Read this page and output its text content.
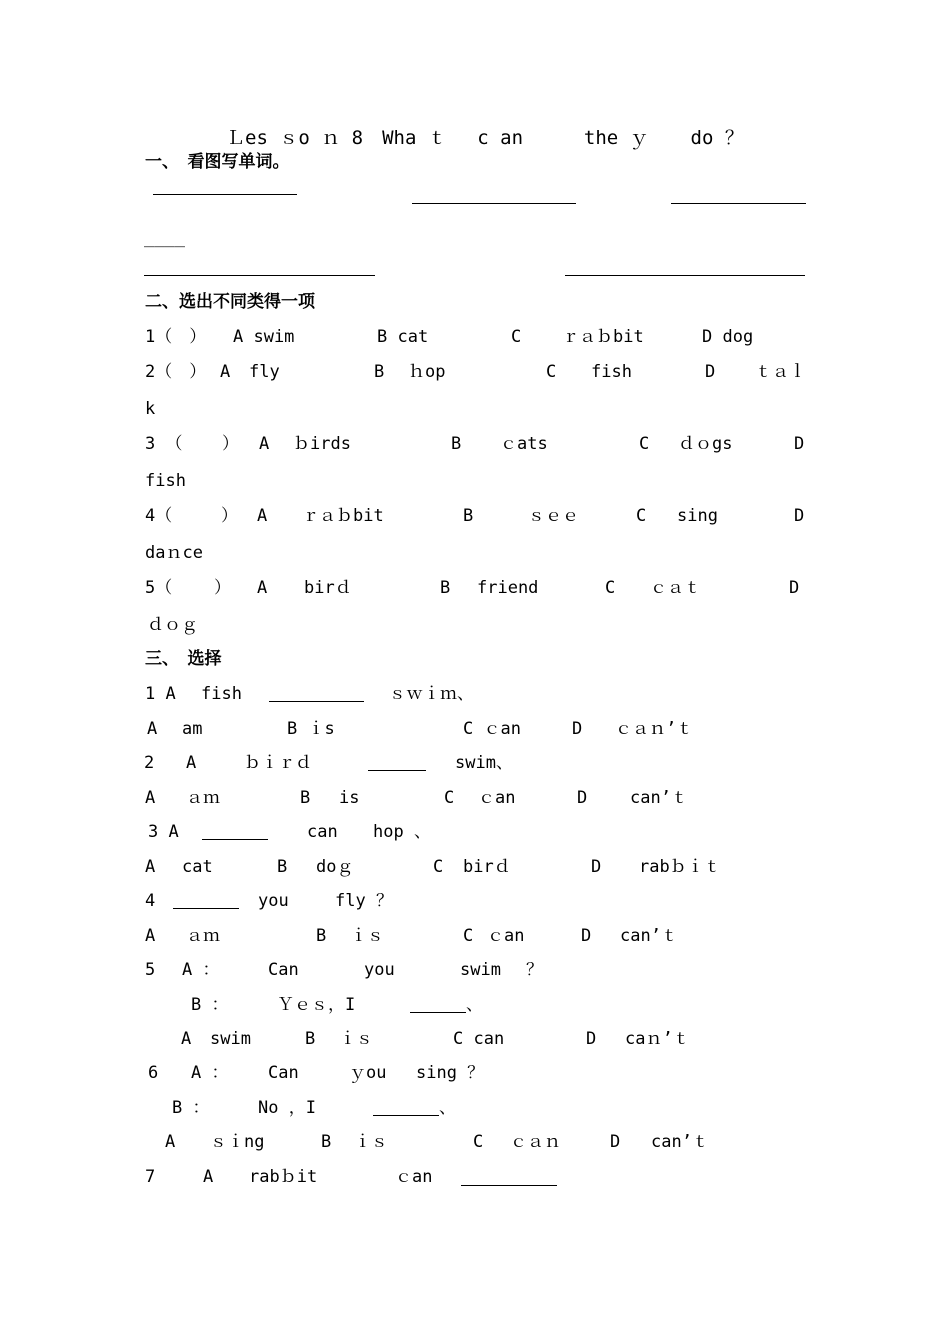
Ｌes ｓo ｎ 8　Wha ｔ 　c an 　 　the ｙ 　 do ？
一、　看图写单词。
____
二、选出不同类得一项
1（　） A swim	B cat	C ｒａｂbit	D dog
2（　） A fly	B ｈop	C fish	D ｔａｌ
k
3 （ ） A ｂirds	B ｃats	C ｄｏgs	D
fish
4（	） A ｒａｂbit	B	ｓｅｅ	C sing	D
daｎce
5（ ） A birｄ	B friend	C ｃａｔ	D
ｄｏｇ
三、　选择
1 A fish	ｓｗｉｍ、
A am	B ｉs	C ｃan	D ｃａｎ’ｔ
2 A	ｂｉｒｄ	swim、
A ａｍ	B is	C ｃan	D	can’ｔ
3 A	can hop 、
A cat	B doｇ	C birｄ	D rabｂｉｔ
4	you	fly ？
A ａｍ	B ｉｓ	C ｃan	D can’ｔ
5 A ：	Can	you	swim ？
B ：	Ｙｅｓ，I	、
A swim	B ｉｓ	C can	D caｎ’ｔ
6 A ： Can	ｙou sing ？
B ：	No ，I	、
A ｓｉng	B ｉｓ	C ｃａｎ	D can’ｔ
7	A rabｂit	ｃan
